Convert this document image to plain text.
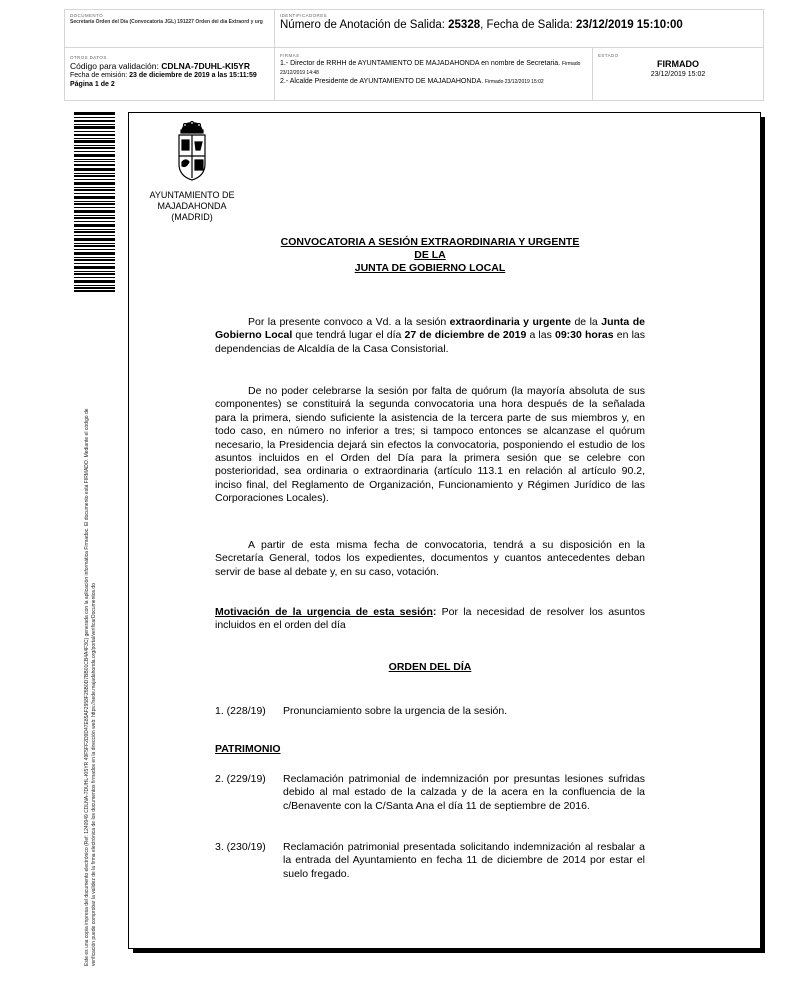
DOCUMENTO
Secretaría Orden del Día (Convocatoria JGL) 191227 Orden del día Extraord y urg
IDENTIFICADORES
Número de Anotación de Salida: 25328, Fecha de Salida: 23/12/2019 15:10:00
OTROS DATOS
Código para validación: CDLNA-7DUHL-KI5YR
Fecha de emisión: 23 de diciembre de 2019 a las 15:11:59
Página 1 de 2
FIRMAS
1.- Director de RRHH de AYUNTAMIENTO DE MAJADAHONDA en nombre de Secretaria. Firmado 23/12/2019 14:48
2.- Alcalde Presidente de AYUNTAMIENTO DE MAJADAHONDA. Firmado 23/12/2019 15:02
ESTADO
FIRMADO
23/12/2019 15:02
Este es una copia impresa del documento electrónico (Ref: 1240949 CDLNA-7DUHL-KI5YR 49F5FF2D9D47E85AF2958F25B0D7BB01CB4A4F3C) generada con la aplicación informática Firmadoc. El documento está FIRMADO. Mediante el código de verificación puede comprobar la validez de la firma electrónica de los documentos firmados en la dirección web: https://sede.majadahonda.org/portal/verificarDocumentos.do
AYUNTAMIENTO DE
MAJADAHONDA
(MADRID)
CONVOCATORIA A SESIÓN EXTRAORDINARIA Y URGENTE
DE LA
JUNTA DE GOBIERNO LOCAL
Por la presente convoco a Vd. a la sesión extraordinaria y urgente de la Junta de Gobierno Local que tendrá lugar el día 27 de diciembre de 2019 a las 09:30 horas en las dependencias de Alcaldía de la Casa Consistorial.
De no poder celebrarse la sesión por falta de quórum (la mayoría absoluta de sus componentes) se constituirá la segunda convocatoria una hora después de la señalada para la primera, siendo suficiente la asistencia de la tercera parte de sus miembros y, en todo caso, en número no inferior a tres; si tampoco entonces se alcanzase el quórum necesario, la Presidencia dejará sin efectos la convocatoria, posponiendo el estudio de los asuntos incluidos en el Orden del Día para la primera sesión que se celebre con posterioridad, sea ordinaria o extraordinaria (artículo 113.1 en relación al artículo 90.2, inciso final, del Reglamento de Organización, Funcionamiento y Régimen Jurídico de las Corporaciones Locales).
A partir de esta misma fecha de convocatoria, tendrá a su disposición en la Secretaría General, todos los expedientes, documentos y cuantos antecedentes deban servir de base al debate y, en su caso, votación.
Motivación de la urgencia de esta sesión: Por la necesidad de resolver los asuntos incluidos en el orden del día
ORDEN DEL DÍA
1. (228/19)	Pronunciamiento sobre la urgencia de la sesión.
PATRIMONIO
2. (229/19)	Reclamación patrimonial de indemnización por presuntas lesiones sufridas debido al mal estado de la calzada y de la acera en la confluencia de la c/Benavente con la C/Santa Ana el día 11 de septiembre de 2016.
3. (230/19)	Reclamación patrimonial presentada solicitando indemnización al resbalar a la entrada del Ayuntamiento en fecha 11 de diciembre de 2014 por estar el suelo fregado.
